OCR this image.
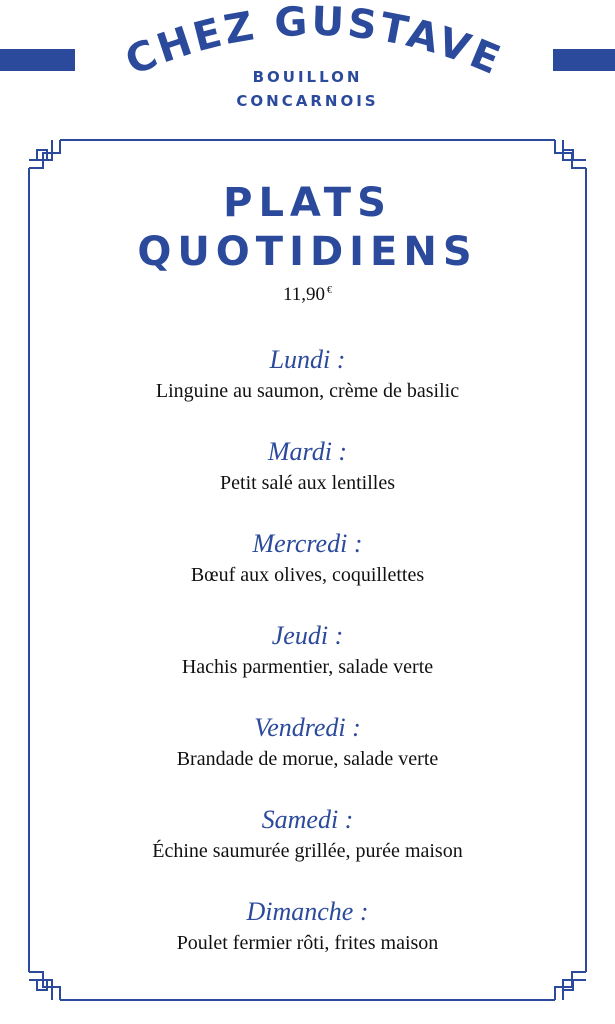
CHEZ GUSTAVE
BOUILLON
CONCARNOIS
PLATS
QUOTIDIENS
11,90 €
Lundi :
Linguine au saumon, crème de basilic
Mardi :
Petit salé aux lentilles
Mercredi :
Bœuf aux olives, coquillettes
Jeudi :
Hachis parmentier, salade verte
Vendredi :
Brandade de morue, salade verte
Samedi :
Échine saumurée grillée, purée maison
Dimanche :
Poulet fermier rôti, frites maison
